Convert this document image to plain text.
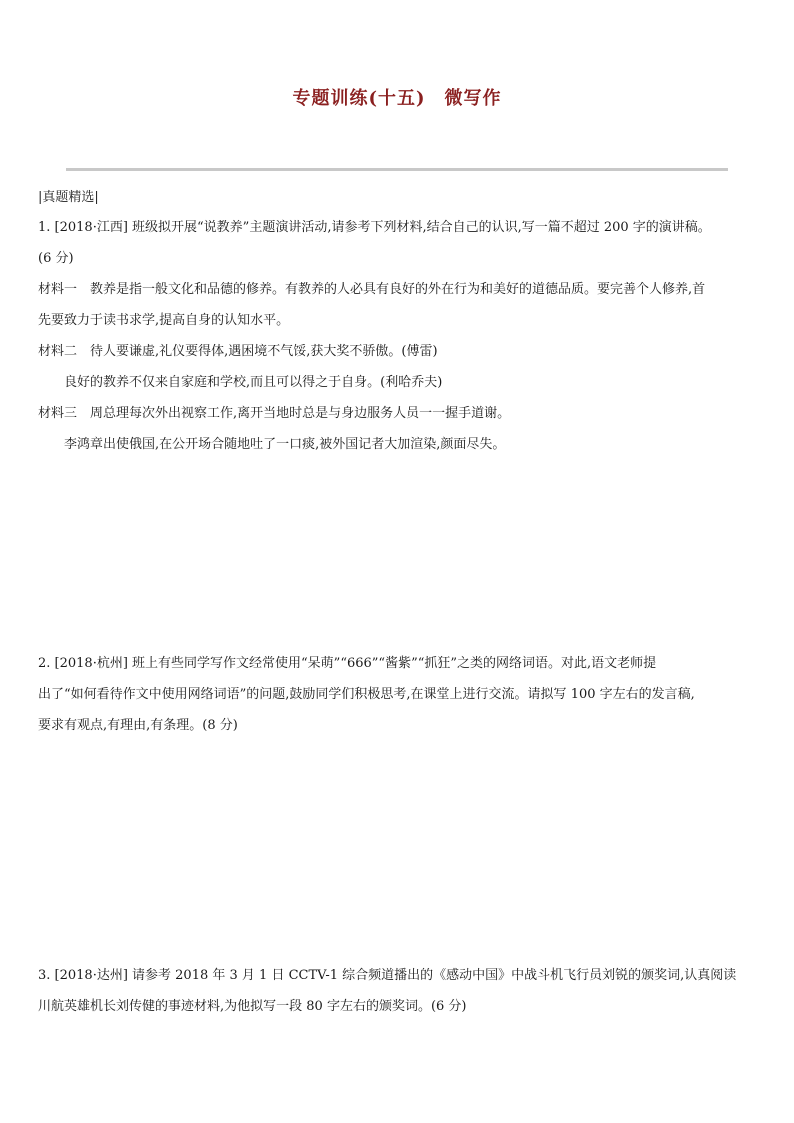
专题训练(十五)　微写作
|真题精选|

1. [2018·江西] 班级拟开展“说教养”主题演讲活动,请参考下列材料,结合自己的认识,写一篇不超过 200 字的演讲稿。

(6 分)

材料一　教养是指一般文化和品德的修养。有教养的人必具有良好的外在行为和美好的道德品质。要完善个人修养,首

先要致力于读书求学,提高自身的认知水平。

材料二　待人要谦虚,礼仪要得体,遇困境不气馁,获大奖不骄傲。(傅雷)

良好的教养不仅来自家庭和学校,而且可以得之于自身。(利哈乔夫)

材料三　周总理每次外出视察工作,离开当地时总是与身边服务人员一一握手道谢。

李鸿章出使俄国,在公开场合随地吐了一口痰,被外国记者大加渲染,颜面尽失。

2. [2018·杭州] 班上有些同学写作文经常使用“呆萌”“666”“酱紫”“抓狂”之类的网络词语。对此,语文老师提

出了“如何看待作文中使用网络词语”的问题,鼓励同学们积极思考,在课堂上进行交流。请拟写 100 字左右的发言稿,

要求有观点,有理由,有条理。(8 分)

3. [2018·达州] 请参考 2018 年 3 月 1 日 CCTV-1 综合频道播出的《感动中国》中战斗机飞行员刘锐的颁奖词,认真阅读

川航英雄机长刘传健的事迹材料,为他拟写一段 80 字左右的颁奖词。(6 分)
